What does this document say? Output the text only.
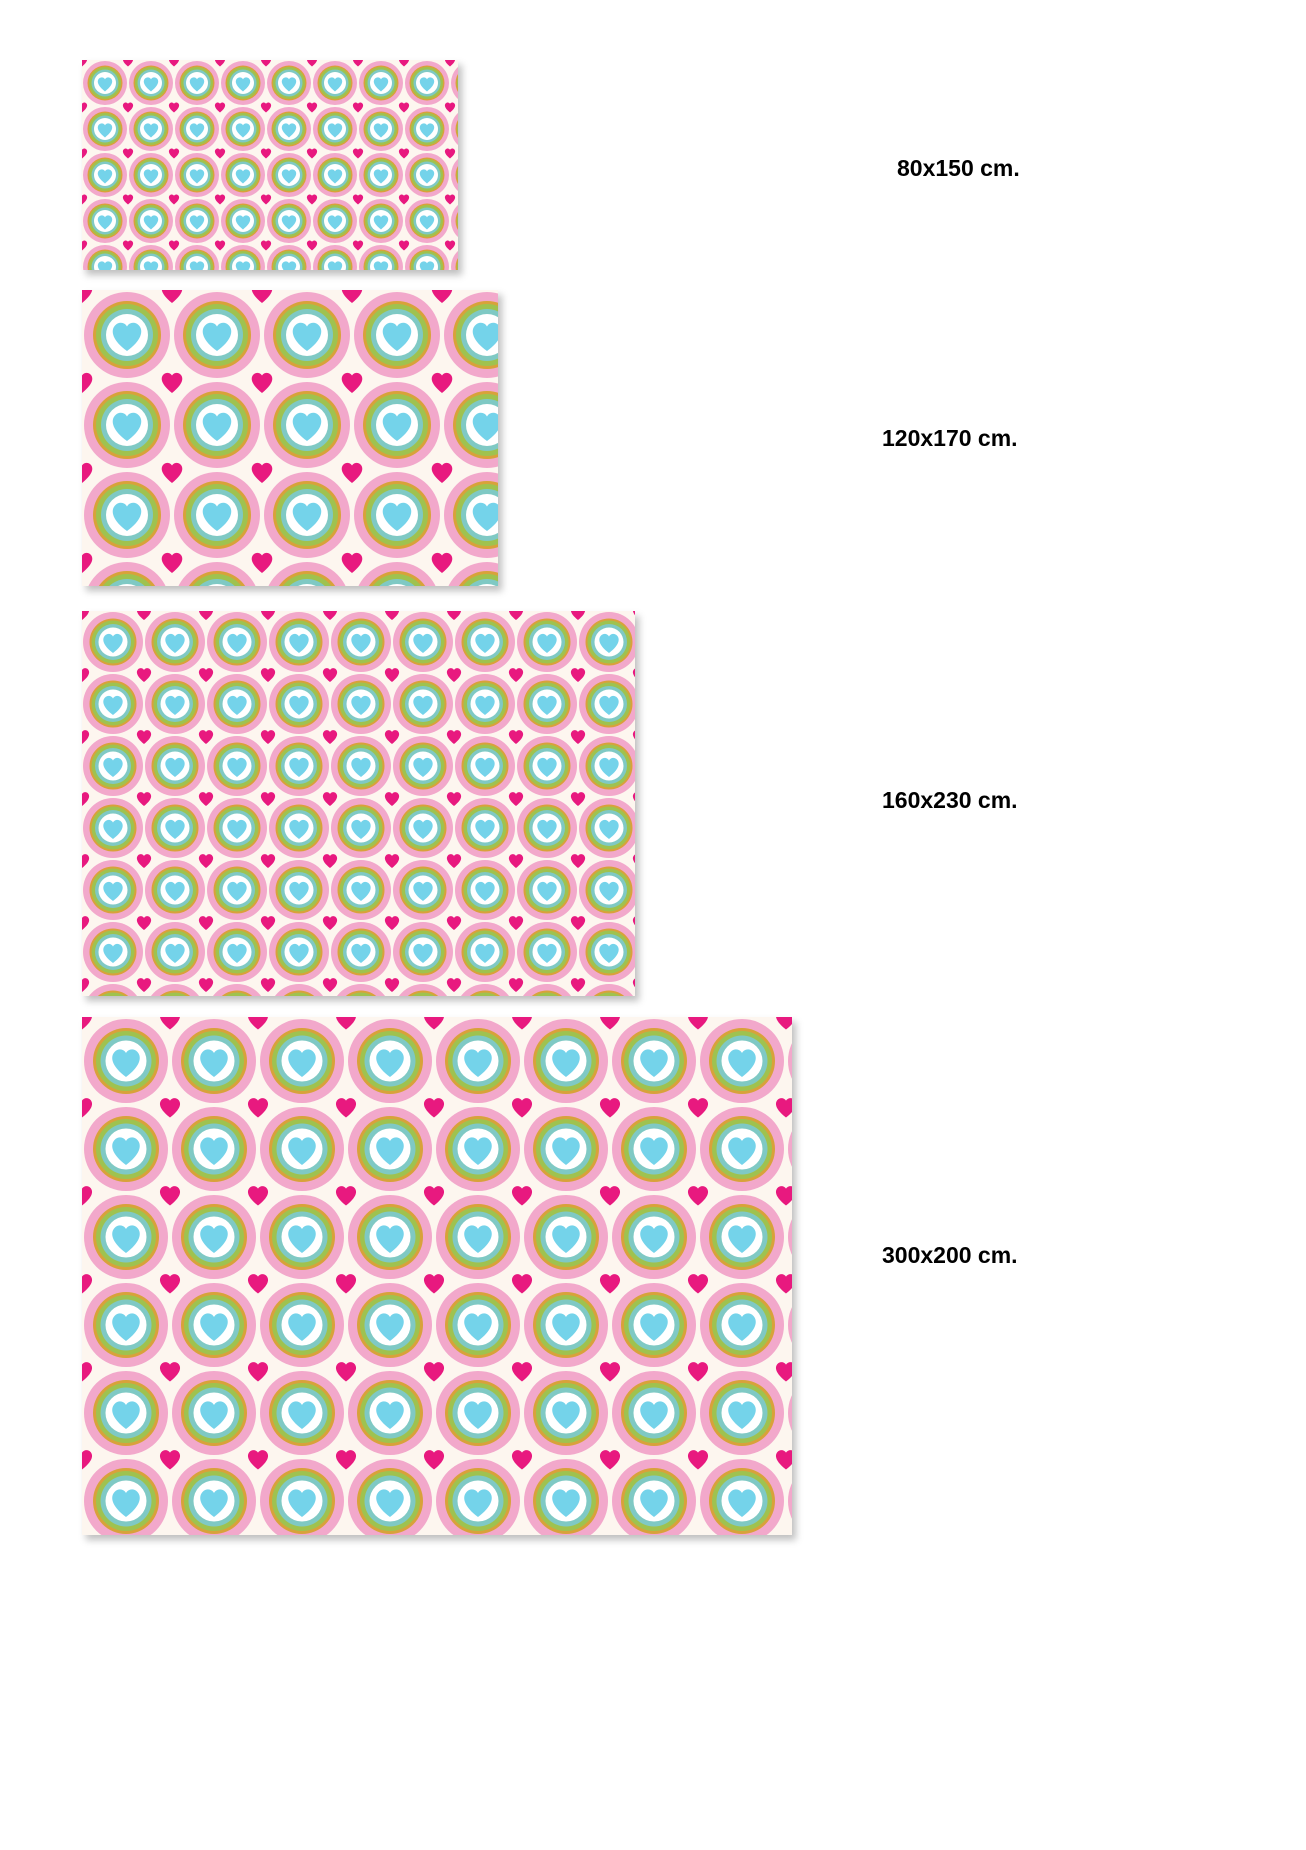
80x150 cm.
120x170 cm.
160x230 cm.
300x200 cm.
